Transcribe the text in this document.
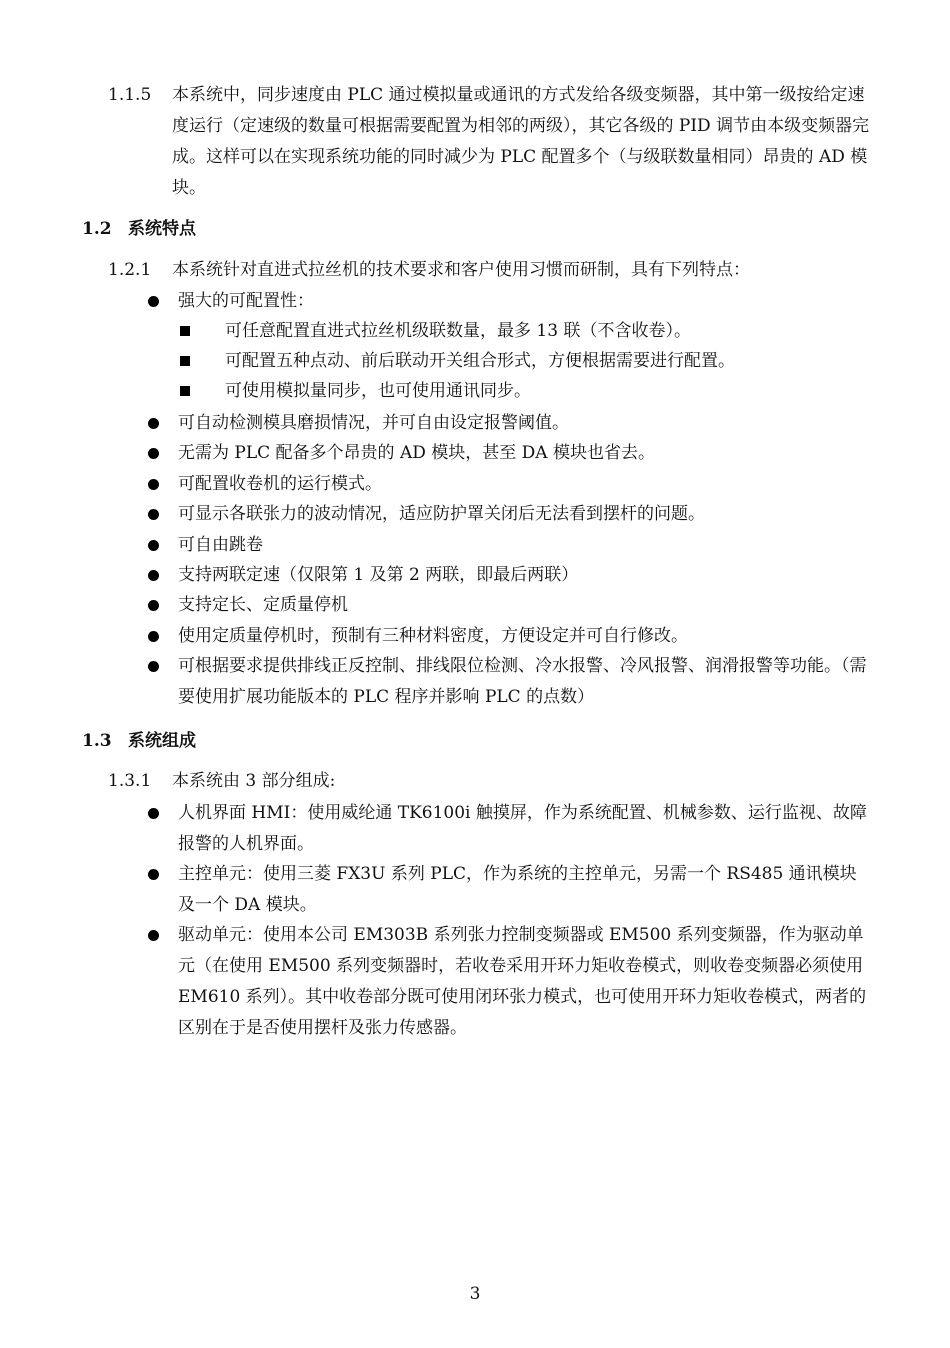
1.1.5 本系统中，同步速度由 PLC 通过模拟量或通讯的方式发给各级变频器，其中第一级按给定速度运行（定速级的数量可根据需要配置为相邻的两级），其它各级的 PID 调节由本级变频器完成。这样可以在实现系统功能的同时减少为 PLC 配置多个（与级联数量相同）昂贵的 AD 模块。
1.2 系统特点
1.2.1 本系统针对直进式拉丝机的技术要求和客户使用习惯而研制，具有下列特点：
强大的可配置性：
可任意配置直进式拉丝机级联数量，最多 13 联（不含收卷）。
可配置五种点动、前后联动开关组合形式，方便根据需要进行配置。
可使用模拟量同步，也可使用通讯同步。
可自动检测模具磨损情况，并可自由设定报警阈值。
无需为 PLC 配备多个昂贵的 AD 模块，甚至 DA 模块也省去。
可配置收卷机的运行模式。
可显示各联张力的波动情况，适应防护罩关闭后无法看到摆杆的问题。
可自由跳卷
支持两联定速（仅限第 1 及第 2 两联，即最后两联）
支持定长、定质量停机
使用定质量停机时，预制有三种材料密度，方便设定并可自行修改。
可根据要求提供排线正反控制、排线限位检测、冷水报警、冷风报警、润滑报警等功能。（需要使用扩展功能版本的 PLC 程序并影响 PLC 的点数）
1.3 系统组成
1.3.1 本系统由 3 部分组成:
人机界面 HMI：使用威纶通 TK6100i 触摸屏，作为系统配置、机械参数、运行监视、故障报警的人机界面。
主控单元：使用三菱 FX3U 系列 PLC，作为系统的主控单元，另需一个 RS485 通讯模块及一个 DA 模块。
驱动单元：使用本公司 EM303B 系列张力控制变频器或 EM500 系列变频器，作为驱动单元（在使用 EM500 系列变频器时，若收卷采用开环力矩收卷模式，则收卷变频器必须使用 EM610 系列）。其中收卷部分既可使用闭环张力模式，也可使用开环力矩收卷模式，两者的区别在于是否使用摆杆及张力传感器。
3
